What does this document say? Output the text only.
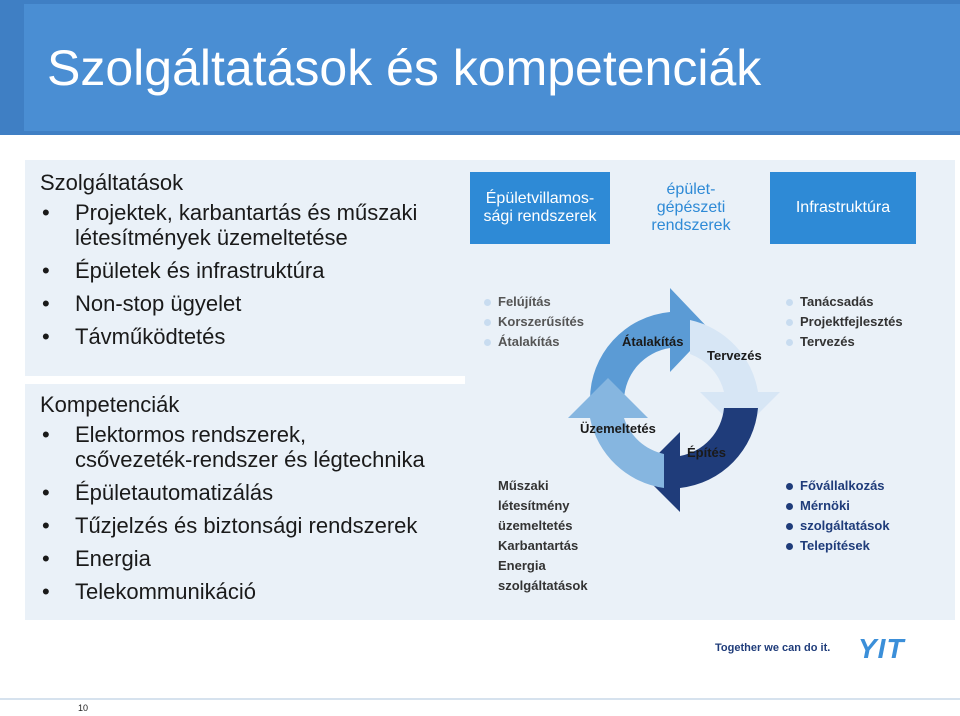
Szolgáltatások és kompetenciák
Szolgáltatások
• Projektek, karbantartás és műszaki
létesítmények üzemeltetése
• Épületek és infrastruktúra
• Non-stop ügyelet
• Távműködtetés
Kompetenciák
• Elektormos rendszerek,
csővezeték-rendszer és légtechnika
• Épületautomatizálás
• Tűzjelzés és biztonsági rendszerek
• Energia
• Telekommunikáció
Épületvillamos-
sági rendszerek
épület-
gépészeti
rendszerek
Infrastruktúra
Átalakítás
Tervezés
Üzemeltetés
Építés
Felújítás
Korszerűsítés
Átalakítás
Tanácsadás
Projektfejlesztés
Tervezés
Műszaki
létesítmény
üzemeltetés
Karbantartás
Energia
szolgáltatások
Fővállalkozás
Mérnöki
szolgáltatások
Telepítések
Together we can do it. YIT
10
